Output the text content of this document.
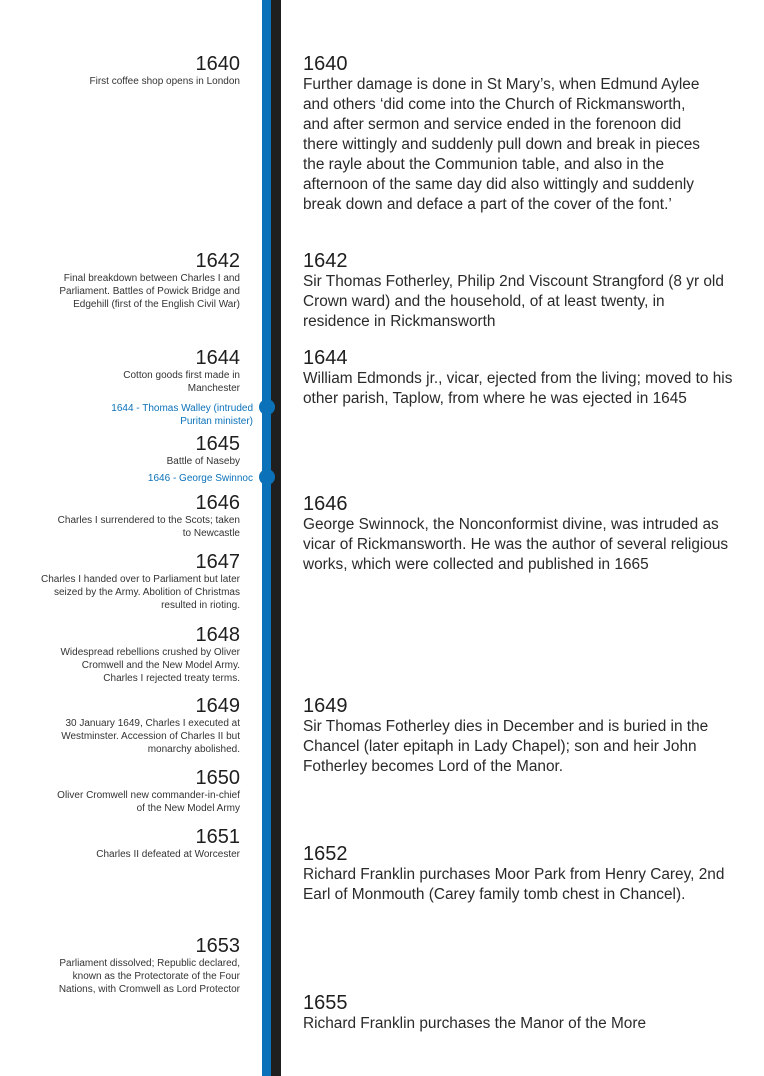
1640
First coffee shop opens in London
1642
Final breakdown between Charles I and Parliament. Battles of Powick Bridge and Edgehill (first of the English Civil War)
1644
Cotton goods first made in Manchester
1644 - Thomas Walley (intruded Puritan minister)
1645
Battle of Naseby
1646 - George Swinnoc
1646
Charles I surrendered to the Scots; taken to Newcastle
1647
Charles I handed over to Parliament but later seized by the Army. Abolition of Christmas resulted in rioting.
1648
Widespread rebellions crushed by Oliver Cromwell and the New Model Army. Charles I rejected treaty terms.
1649
30 January 1649, Charles I executed at Westminster. Accession of Charles II but monarchy abolished.
1650
Oliver Cromwell new commander-in-chief of the New Model Army
1651
Charles II defeated at Worcester
1653
Parliament dissolved; Republic declared, known as the Protectorate of the Four Nations, with Cromwell as Lord Protector
1640
Further damage is done in St Mary’s, when Edmund Aylee and others ‘did come into the Church of Rickmansworth, and after sermon and service ended in the forenoon did there wittingly and suddenly pull down and break in pieces the rayle about the Communion table, and also in the afternoon of the same day did also wittingly and suddenly break down and deface a part of the cover of the font.’
1642
Sir Thomas Fotherley, Philip 2nd Viscount Strangford (8 yr old Crown ward) and the household, of at least twenty, in residence in Rickmansworth
1644
William Edmonds jr., vicar, ejected from the living; moved to his other parish, Taplow, from where he was ejected in 1645
1646
George Swinnock, the Nonconformist divine, was intruded as vicar of Rickmansworth. He was the author of several religious works, which were collected and published in 1665
1649
Sir Thomas Fotherley dies in December and is buried in the Chancel (later epitaph in Lady Chapel); son and heir John Fotherley becomes Lord of the Manor.
1652
Richard Franklin purchases Moor Park from Henry Carey, 2nd Earl of Monmouth (Carey family tomb chest in Chancel).
1655
Richard Franklin purchases the Manor of the More
